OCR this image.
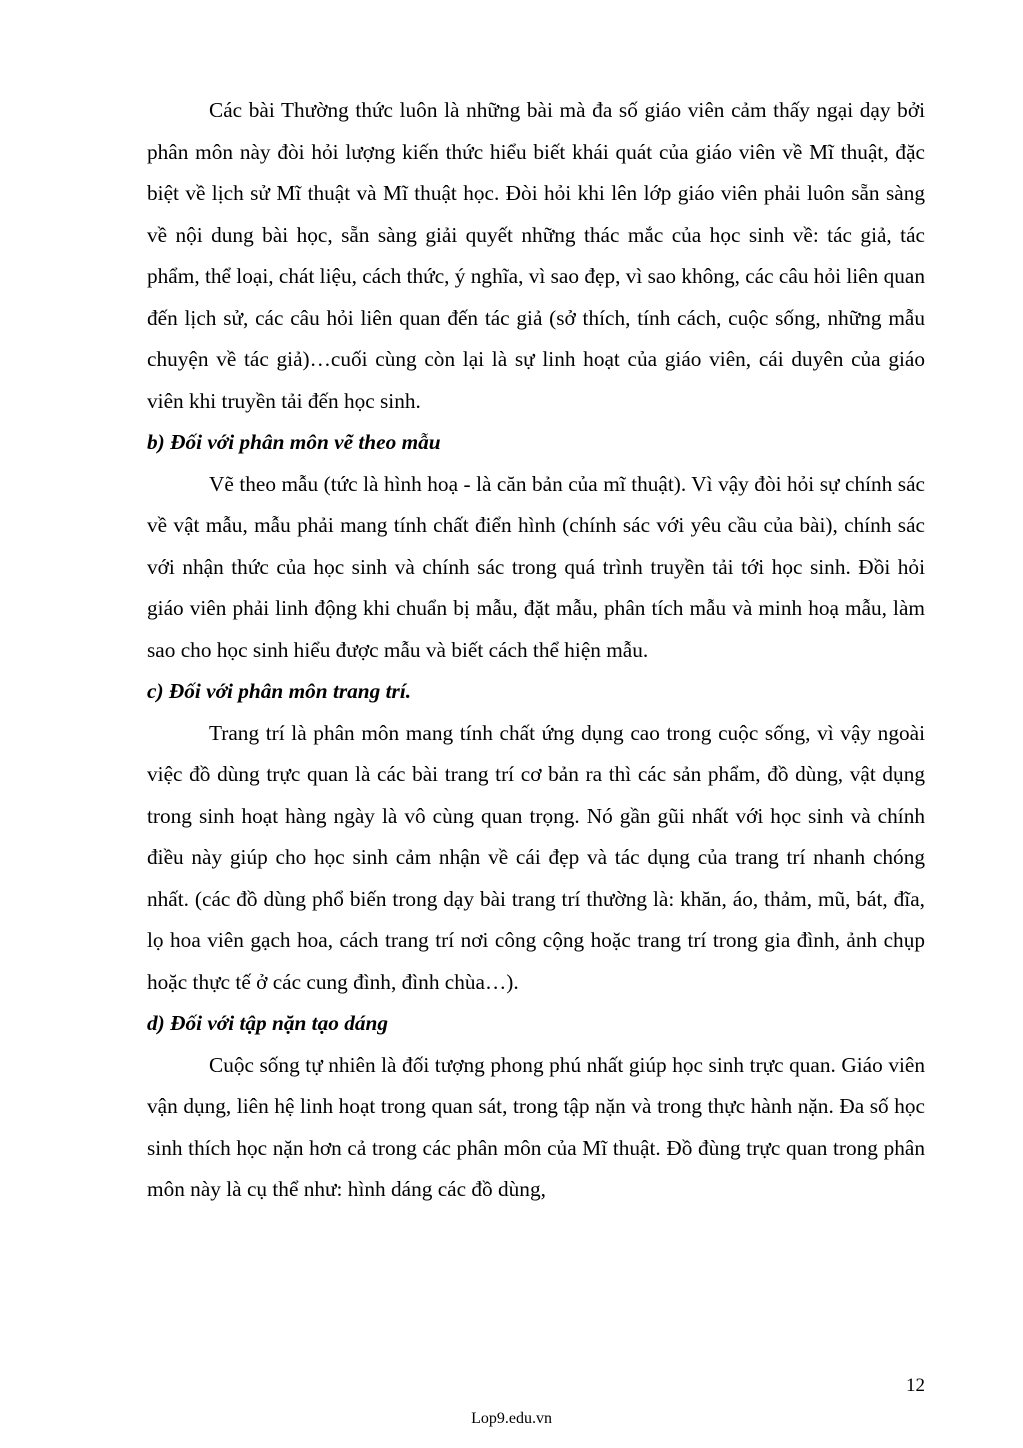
Các bài Thường thức luôn là những bài mà đa số giáo viên cảm thấy ngại dạy bởi phân môn này đòi hỏi lượng kiến thức hiểu biết khái quát của giáo viên về Mĩ thuật, đặc biệt về lịch sử Mĩ thuật và Mĩ thuật học. Đòi hỏi khi lên lớp giáo viên phải luôn sẵn sàng về nội dung bài học, sẵn sàng giải quyết những thác mắc của học sinh về: tác giả, tác phẩm, thể loại, chát liệu, cách thức, ý nghĩa, vì sao đẹp, vì sao không, các câu hỏi liên quan đến lịch sử, các câu hỏi liên quan đến tác giả (sở thích, tính cách, cuộc sống, những mẫu chuyện về tác giả)…cuối cùng còn lại là sự linh hoạt của giáo viên, cái duyên của giáo viên khi truyền tải đến học sinh.

b) Đối với phân môn vẽ theo mẫu

Vẽ theo mẫu (tức là hình hoạ - là căn bản của mĩ thuật). Vì vậy đòi hỏi sự chính sác về vật mẫu, mẫu phải mang tính chất điển hình (chính sác với yêu cầu của bài), chính sác với nhận thức của học sinh và chính sác trong quá trình truyền tải tới học sinh. Đồi hỏi giáo viên phải linh động khi chuẩn bị mẫu, đặt mẫu, phân tích mẫu và minh hoạ mẫu, làm sao cho học sinh hiểu được mẫu và biết cách thể hiện mẫu.

c) Đối với phân môn trang trí.

Trang trí là phân môn mang tính chất ứng dụng cao trong cuộc sống, vì vậy ngoài việc đồ dùng trực quan là các bài trang trí cơ bản ra thì các sản phẩm, đồ dùng, vật dụng trong sinh hoạt hàng ngày là vô cùng quan trọng. Nó gần gũi nhất với học sinh và chính điều này giúp cho học sinh cảm nhận về cái đẹp và tác dụng của trang trí nhanh chóng nhất. (các đồ dùng phổ biến trong dạy bài trang trí thường là: khăn, áo, thảm, mũ, bát, đĩa, lọ hoa viên gạch hoa, cách trang trí nơi công cộng hoặc trang trí trong gia đình, ảnh chụp hoặc thực tế ở các cung đình, đình chùa…).

d) Đối với tập nặn tạo dáng

Cuộc sống tự nhiên là đối tượng phong phú nhất giúp học sinh trực quan. Giáo viên vận dụng, liên hệ linh hoạt trong quan sát, trong tập nặn và trong thực hành nặn. Đa số học sinh thích học nặn hơn cả trong các phân môn của Mĩ thuật. Đồ đùng trực quan trong phân môn này là cụ thể như: hình dáng các đồ dùng,

12
Lop9.edu.vn
